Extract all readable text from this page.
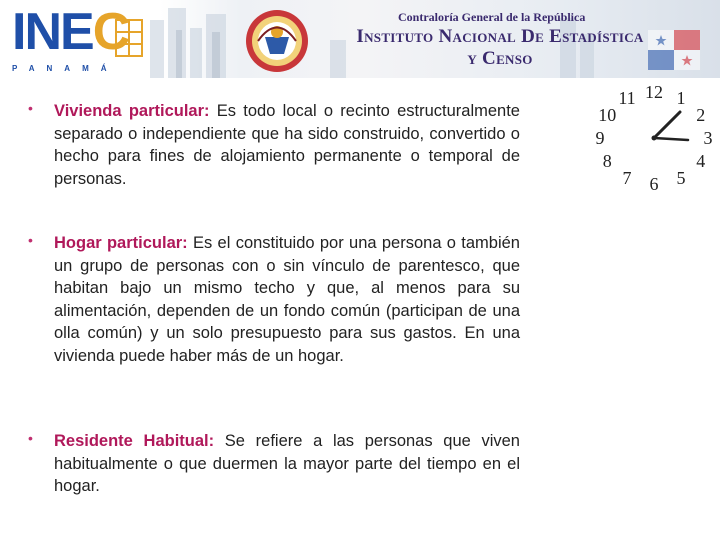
INEC
PANAMÁ
Contraloría General de la República
Instituto Nacional De Estadística
y Censo
• Vivienda particular: Es todo local o recinto estructuralmente separado o independiente que ha sido construido, convertido o hecho para fines de alojamiento permanente o temporal de personas.
• Hogar particular: Es el constituido por una persona o también un grupo de personas con o sin vínculo de parentesco, que habitan bajo un mismo techo y que, al menos para su alimentación, dependen de un fondo común (participan de una olla común) y un solo presupuesto para sus gastos. En una vivienda puede haber más de un hogar.
• Residente Habitual: Se refiere a las personas que viven habitualmente o que duermen la mayor parte del tiempo en el hogar.
12 1
2
3
4
5
6
7
8
9
10
11
